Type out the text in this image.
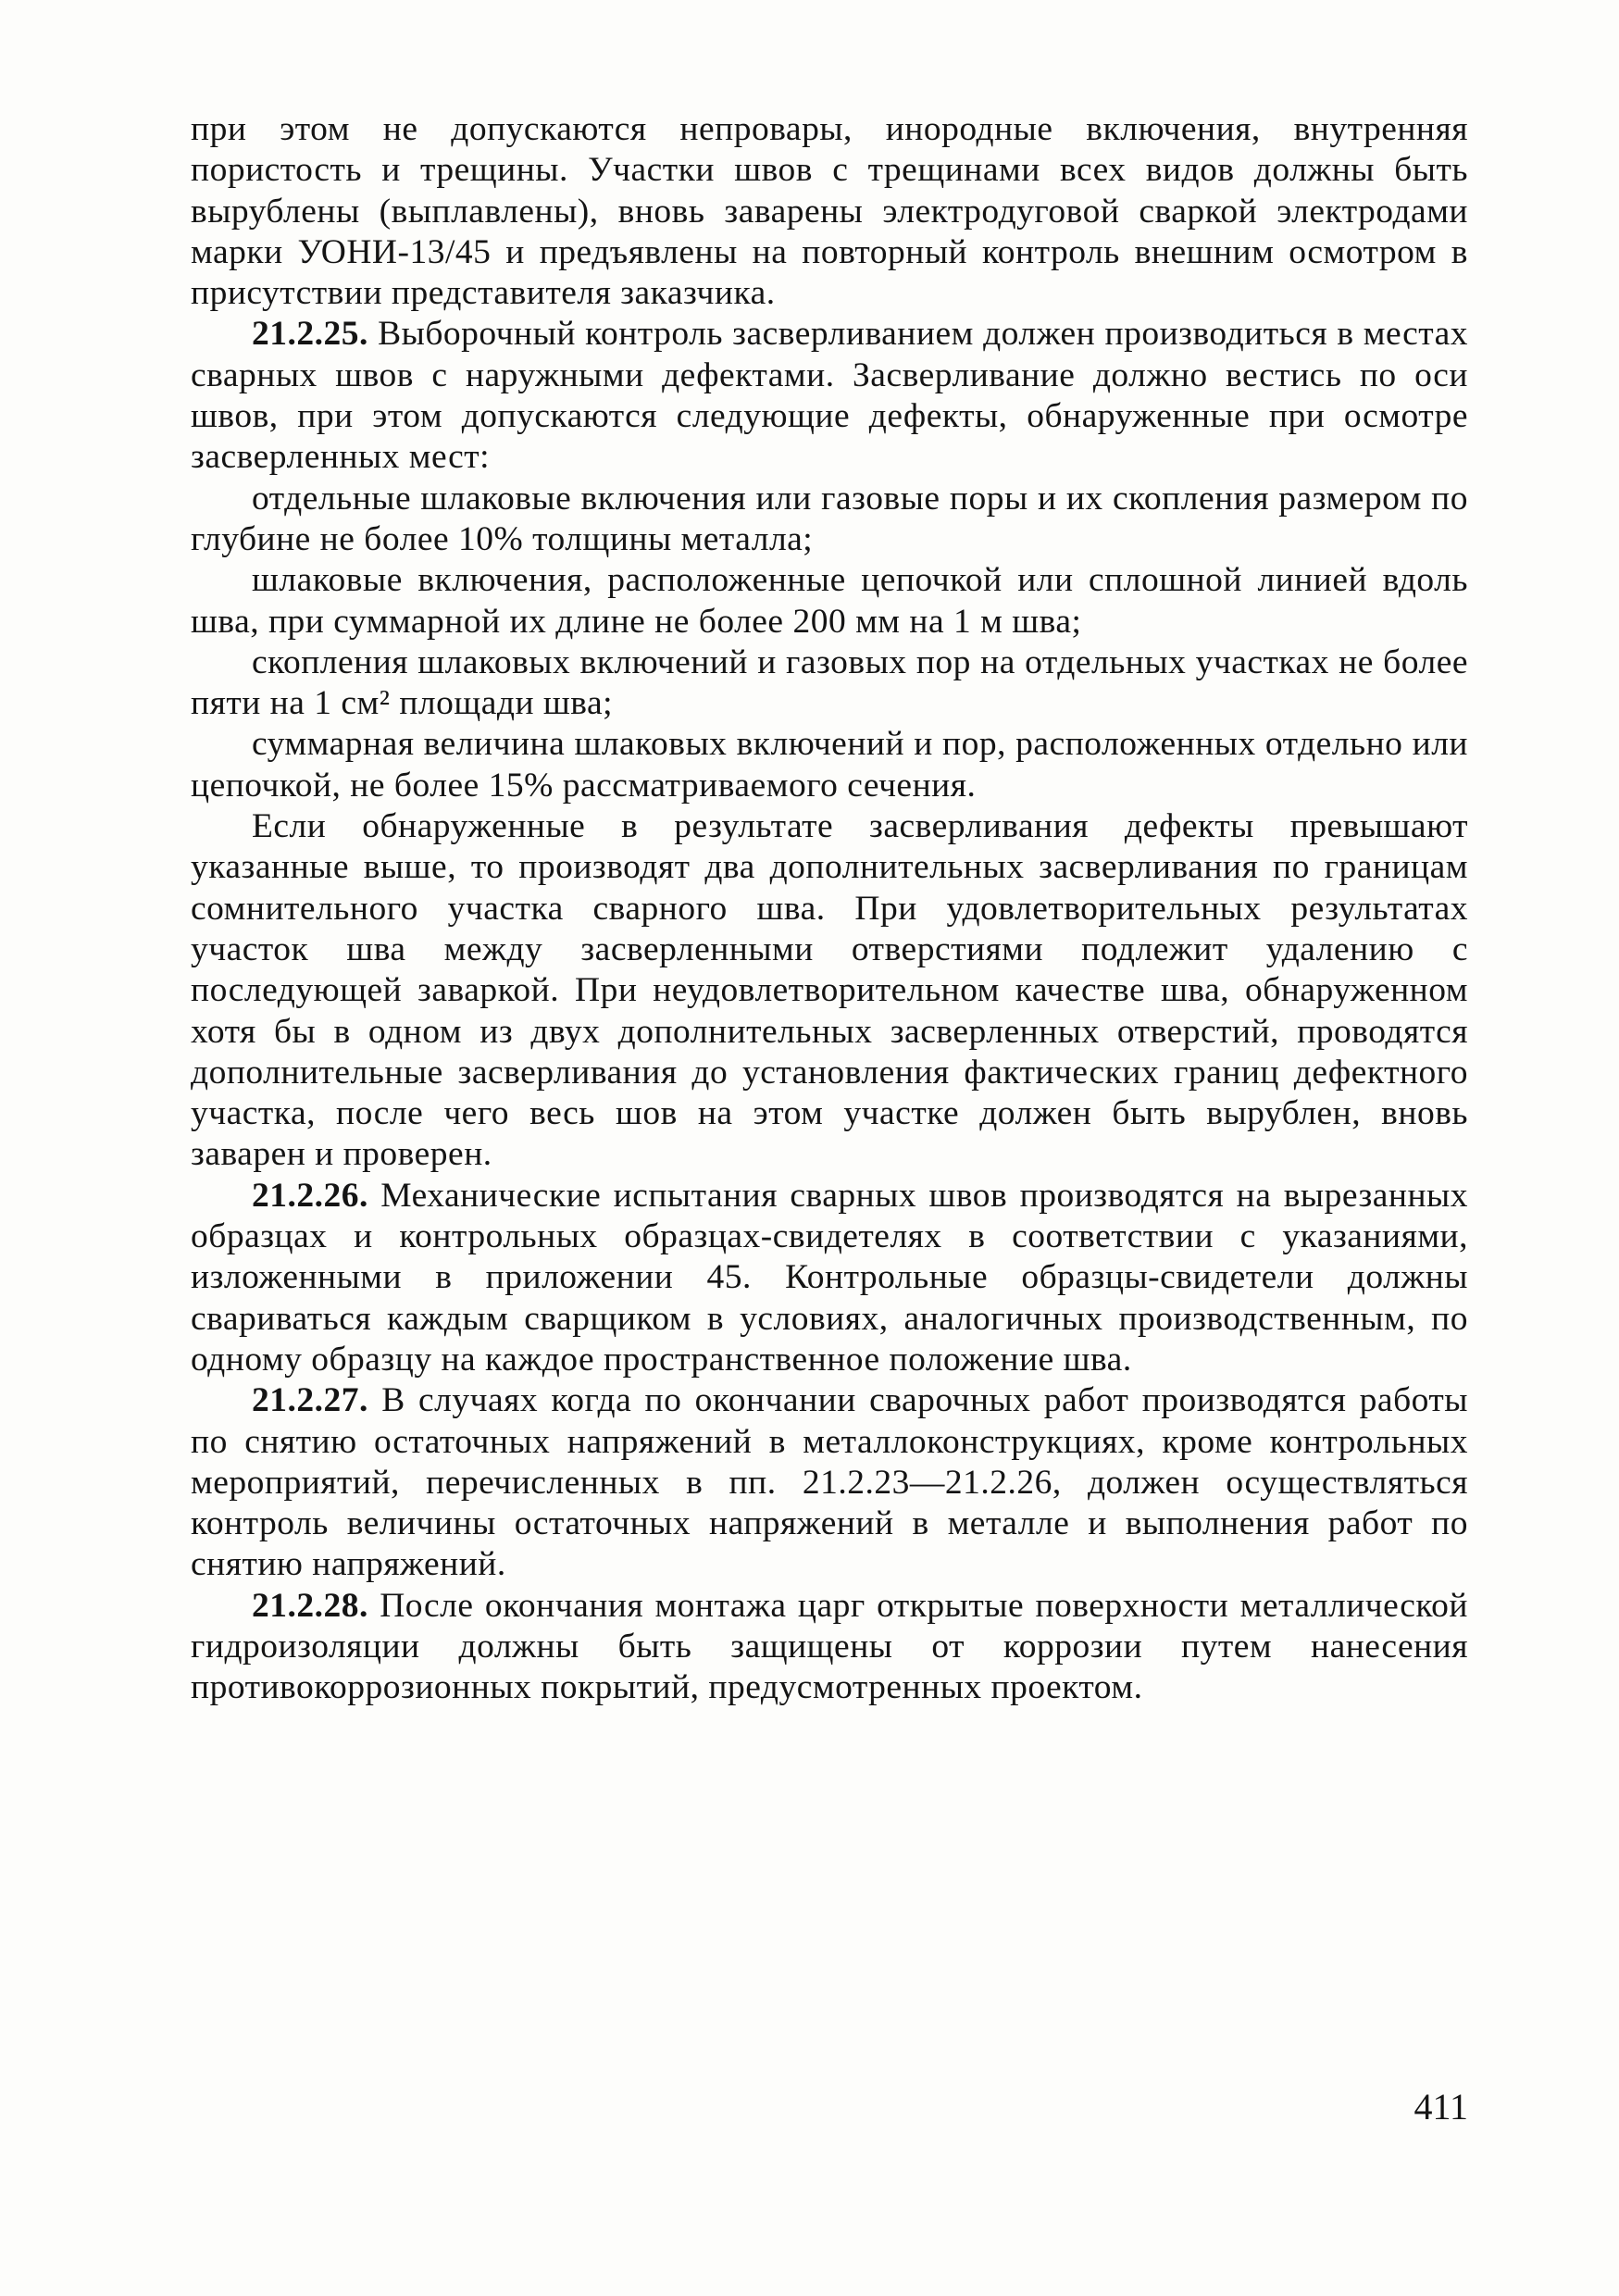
при этом не допускаются непровары, инородные включения, внутренняя пористость и трещины. Участки швов с трещинами всех видов должны быть вырублены (выплавлены), вновь заварены электродуговой сваркой электродами марки УОНИ-13/45 и предъявлены на повторный контроль внешним осмотром в присутствии представителя заказчика.

21.2.25. Выборочный контроль засверливанием должен производиться в местах сварных швов с наружными дефектами. Засверливание должно вестись по оси швов, при этом допускаются следующие дефекты, обнаруженные при осмотре засверленных мест:

отдельные шлаковые включения или газовые поры и их скопления размером по глубине не более 10% толщины металла;

шлаковые включения, расположенные цепочкой или сплошной линией вдоль шва, при суммарной их длине не более 200 мм на 1 м шва;

скопления шлаковых включений и газовых пор на отдельных участках не более пяти на 1 см² площади шва;

суммарная величина шлаковых включений и пор, расположенных отдельно или цепочкой, не более 15% рассматриваемого сечения.

Если обнаруженные в результате засверливания дефекты превышают указанные выше, то производят два дополнительных засверливания по границам сомнительного участка сварного шва. При удовлетворительных результатах участок шва между засверленными отверстиями подлежит удалению с последующей заваркой. При неудовлетворительном качестве шва, обнаруженном хотя бы в одном из двух дополнительных засверленных отверстий, проводятся дополнительные засверливания до установления фактических границ дефектного участка, после чего весь шов на этом участке должен быть вырублен, вновь заварен и проверен.

21.2.26. Механические испытания сварных швов производятся на вырезанных образцах и контрольных образцах-свидетелях в соответствии с указаниями, изложенными в приложении 45. Контрольные образцы-свидетели должны свариваться каждым сварщиком в условиях, аналогичных производственным, по одному образцу на каждое пространственное положение шва.

21.2.27. В случаях когда по окончании сварочных работ производятся работы по снятию остаточных напряжений в металлоконструкциях, кроме контрольных мероприятий, перечисленных в пп. 21.2.23—21.2.26, должен осуществляться контроль величины остаточных напряжений в металле и выполнения работ по снятию напряжений.

21.2.28. После окончания монтажа царг открытые поверхности металлической гидроизоляции должны быть защищены от коррозии путем нанесения противокоррозионных покрытий, предусмотренных проектом.

411
